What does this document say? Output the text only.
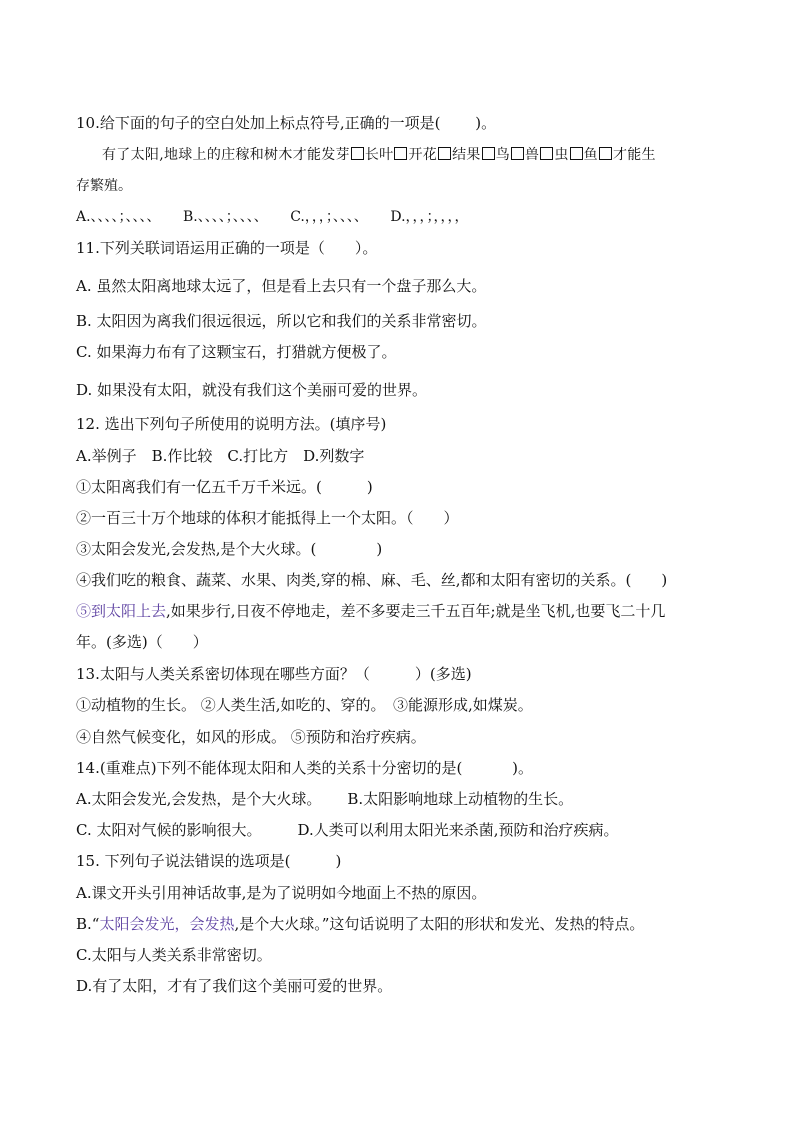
10.给下面的句子的空白处加上标点符号,正确的一项是(　　 )。
有了太阳,地球上的庄稼和树木才能发芽 长叶 开花 结果 鸟 兽 虫 鱼 才能生
存繁殖。
A.、、、、；、、、、 B.、、、、；、、、、 C.，，，；、、、、 D.，，，；，，，，
11.下列关联词语运用正确的一项是（　　）。
A. 虽然太阳离地球太远了，但是看上去只有一个盘子那么大。
B. 太阳因为离我们很远很远，所以它和我们的关系非常密切。
C. 如果海力布有了这颗宝石，打猎就方便极了。
D. 如果没有太阳，就没有我们这个美丽可爱的世界。
12. 选出下列句子所使用的说明方法。(填序号)
A.举例子　B.作比较　C.打比方　D.列数字
①太阳离我们有一亿五千万千米远。(　　　)
②一百三十万个地球的体积才能抵得上一个太阳。（　　）
③太阳会发光,会发热,是个大火球。(　　　　)
④我们吃的粮食、蔬菜、水果、肉类,穿的棉、麻、毛、丝,都和太阳有密切的关系。(　　)
⑤到太阳上去,如果步行,日夜不停地走，差不多要走三千五百年;就是坐飞机,也要飞二十几
年。(多选)（　　）
13.太阳与人类关系密切体现在哪些方面？（　　　）(多选)
①动植物的生长。 ②人类生活,如吃的、穿的。　③能源形成,如煤炭。
④自然气候变化，如风的形成。 ⑤预防和治疗疾病。
14.(重难点)下列不能体现太阳和人类的关系十分密切的是(　　　 )。
A.太阳会发光,会发热，是个大火球。 B.太阳影响地球上动植物的生长。
C. 太阳对气候的影响很大。 D.人类可以利用太阳光来杀菌,预防和治疗疾病。
15. 下列句子说法错误的选项是(　　　)
A.课文开头引用神话故事,是为了说明如今地面上不热的原因。
B.“太阳会发光，会发热,是个大火球。”这句话说明了太阳的形状和发光、发热的特点。
C.太阳与人类关系非常密切。
D.有了太阳，才有了我们这个美丽可爱的世界。
